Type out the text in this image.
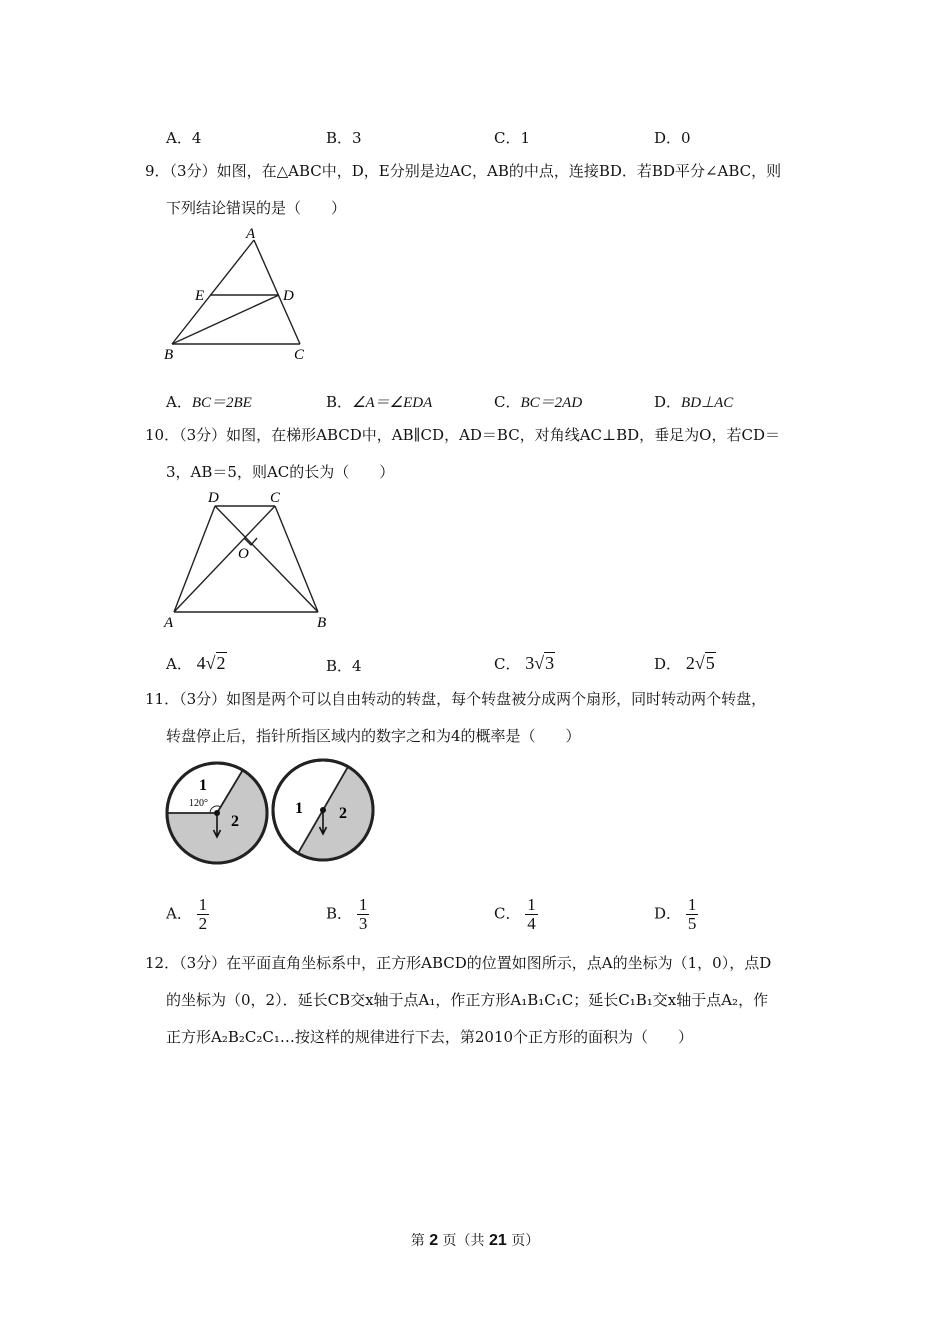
A．4	B．3	C．1	D．0
9．（3分）如图，在△ABC中，D，E分别是边AC，AB的中点，连接BD．若BD平分∠ABC，则
下列结论错误的是（　　）
A
E	D
B	C
A．BC＝2BE	B．∠A＝∠EDA	C．BC＝2AD	D．BD⊥AC
10．（3分）如图，在梯形ABCD中，AB∥CD，AD＝BC，对角线AC⊥BD，垂足为O，若CD＝
3，AB＝5，则AC的长为（　　）
D	C
O
A	B
A． 4√2	B．4	C． 3√3	D． 2√5
11．（3分）如图是两个可以自由转动的转盘，每个转盘被分成两个扇形，同时转动两个转盘，
转盘停止后，指针所指区域内的数字之和为4的概率是（　　）
1
120°
2
1 2
A． $\frac{1}{2}$	B． $\frac{1}{3}$	C． $\frac{1}{4}$	D． $\frac{1}{5}$
12．（3分）在平面直角坐标系中，正方形ABCD的位置如图所示，点A的坐标为（1，0），点D
的坐标为（0，2）．延长CB交x轴于点A₁，作正方形A₁B₁C₁C；延长C₁B₁交x轴于点A₂，作
正方形A₂B₂C₂C₁…按这样的规律进行下去，第2010个正方形的面积为（　　）
第 2 页（共 21 页）
